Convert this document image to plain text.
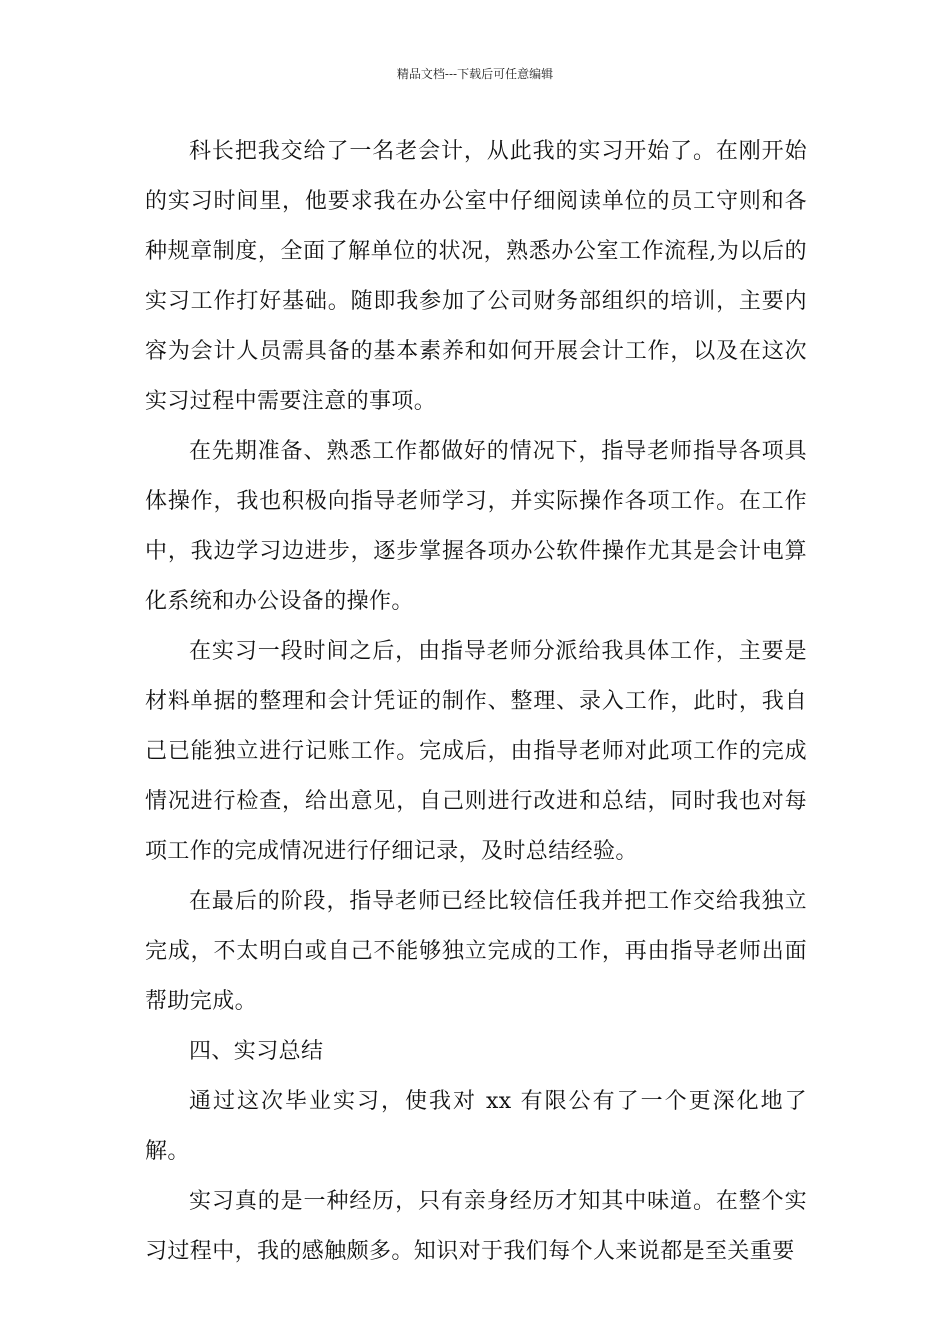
精品文档---下载后可任意编辑

科长把我交给了一名老会计，从此我的实习开始了。在刚开始的实习时间里，他要求我在办公室中仔细阅读单位的员工守则和各种规章制度，全面了解单位的状况，熟悉办公室工作流程,为以后的实习工作打好基础。随即我参加了公司财务部组织的培训，主要内容为会计人员需具备的基本素养和如何开展会计工作，以及在这次实习过程中需要注意的事项。

在先期准备、熟悉工作都做好的情况下，指导老师指导各项具体操作，我也积极向指导老师学习，并实际操作各项工作。在工作中，我边学习边进步，逐步掌握各项办公软件操作尤其是会计电算化系统和办公设备的操作。

在实习一段时间之后，由指导老师分派给我具体工作，主要是材料单据的整理和会计凭证的制作、整理、录入工作，此时，我自己已能独立进行记账工作。完成后，由指导老师对此项工作的完成情况进行检查，给出意见，自己则进行改进和总结，同时我也对每项工作的完成情况进行仔细记录，及时总结经验。

在最后的阶段，指导老师已经比较信任我并把工作交给我独立完成，不太明白或自己不能够独立完成的工作，再由指导老师出面帮助完成。

四、实习总结

通过这次毕业实习，使我对 xx 有限公有了一个更深化地了解。

实习真的是一种经历，只有亲身经历才知其中味道。在整个实习过程中，我的感触颇多。知识对于我们每个人来说都是至关重要
